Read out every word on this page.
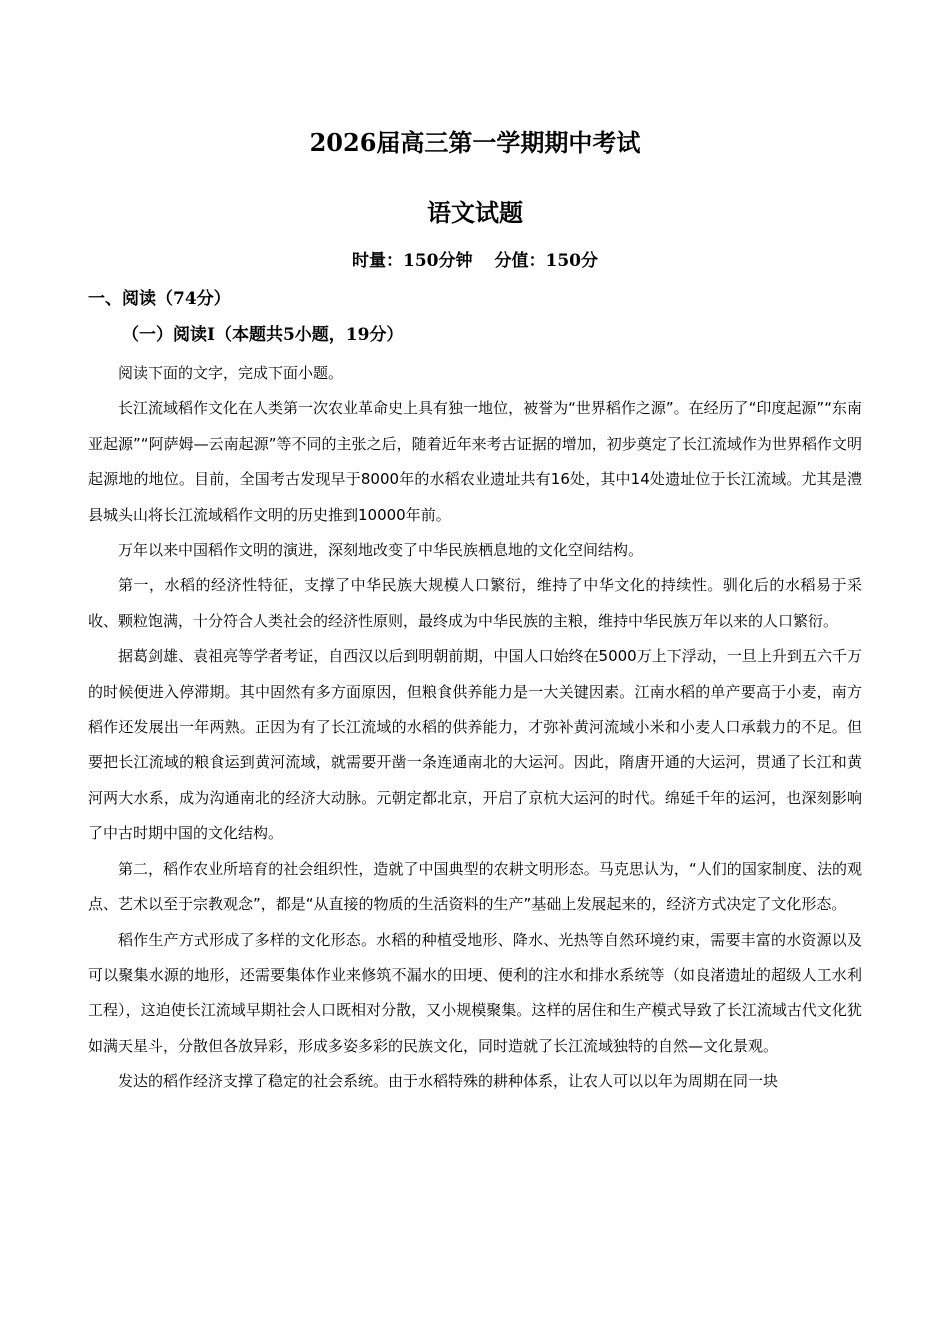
2026届高三第一学期期中考试
语文试题
时量：150分钟 分值：150分
一、阅读（74分）
（一）阅读Ⅰ（本题共5小题，19分）

阅读下面的文字，完成下面小题。

长江流域稻作文化在人类第一次农业革命史上具有独一地位，被誉为“世界稻作之源”。在经历了“印度起源”“东南亚起源”“阿萨姆—云南起源”等不同的主张之后，随着近年来考古证据的增加，初步奠定了长江流域作为世界稻作文明起源地的地位。目前，全国考古发现早于8000年的水稻农业遗址共有16处，其中14处遗址位于长江流域。尤其是澧县城头山将长江流域稻作文明的历史推到10000年前。

万年以来中国稻作文明的演进，深刻地改变了中华民族栖息地的文化空间结构。

第一，水稻的经济性特征，支撑了中华民族大规模人口繁衍，维持了中华文化的持续性。驯化后的水稻易于采收、颗粒饱满，十分符合人类社会的经济性原则，最终成为中华民族的主粮，维持中华民族万年以来的人口繁衍。

据葛剑雄、袁祖亮等学者考证，自西汉以后到明朝前期，中国人口始终在5000万上下浮动，一旦上升到五六千万的时候便进入停滞期。其中固然有多方面原因，但粮食供养能力是一大关键因素。江南水稻的单产要高于小麦，南方稻作还发展出一年两熟。正因为有了长江流域的水稻的供养能力，才弥补黄河流域小米和小麦人口承载力的不足。但要把长江流域的粮食运到黄河流域，就需要开凿一条连通南北的大运河。因此，隋唐开通的大运河，贯通了长江和黄河两大水系，成为沟通南北的经济大动脉。元朝定都北京，开启了京杭大运河的时代。绵延千年的运河，也深刻影响了中古时期中国的文化结构。

第二，稻作农业所培育的社会组织性，造就了中国典型的农耕文明形态。马克思认为，“人们的国家制度、法的观点、艺术以至于宗教观念”，都是“从直接的物质的生活资料的生产”基础上发展起来的，经济方式决定了文化形态。

稻作生产方式形成了多样的文化形态。水稻的种植受地形、降水、光热等自然环境约束，需要丰富的水资源以及可以聚集水源的地形，还需要集体作业来修筑不漏水的田埂、便利的注水和排水系统等（如良渚遗址的超级人工水利工程），这迫使长江流域早期社会人口既相对分散，又小规模聚集。这样的居住和生产模式导致了长江流域古代文化犹如满天星斗，分散但各放异彩，形成多姿多彩的民族文化，同时造就了长江流域独特的自然—文化景观。

发达的稻作经济支撑了稳定的社会系统。由于水稻特殊的耕种体系，让农人可以以年为周期在同一块
